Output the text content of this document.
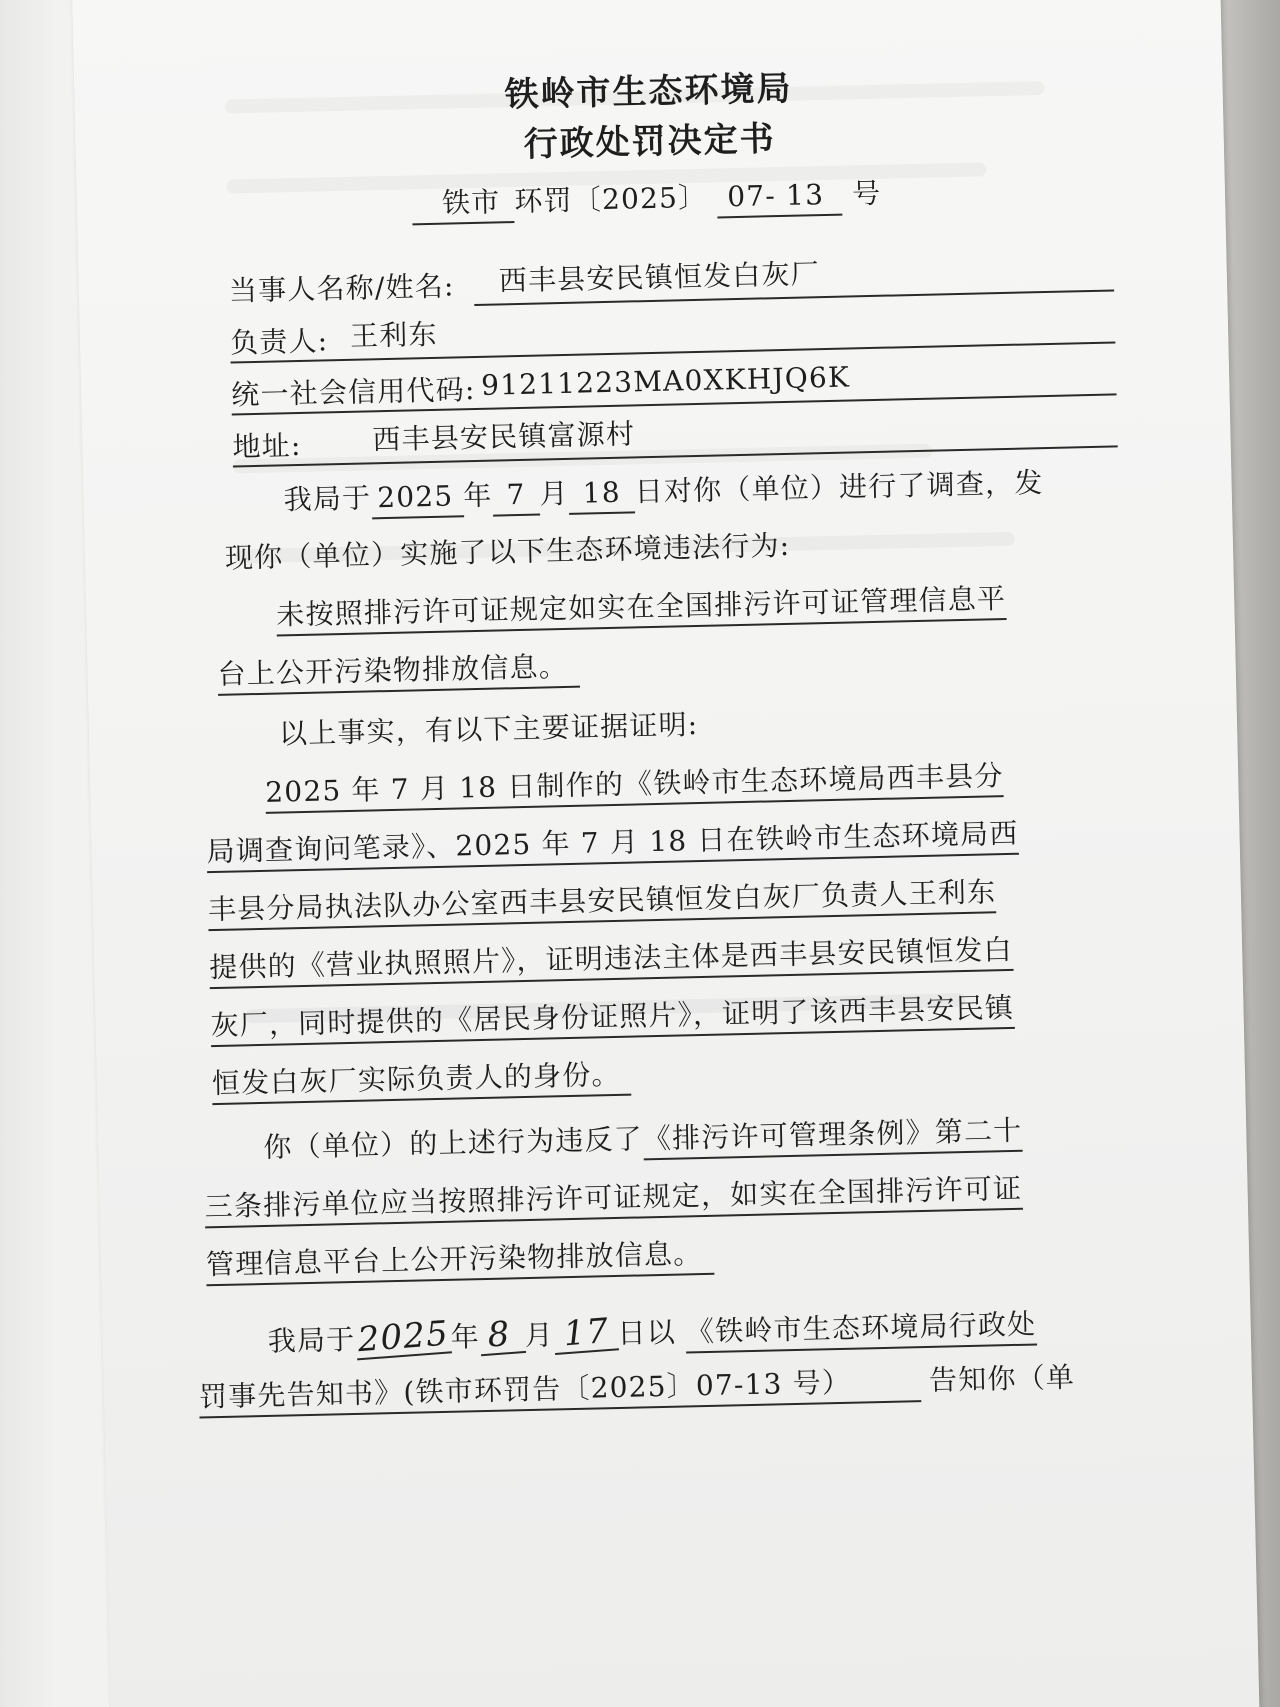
铁岭市生态环境局
行政处罚决定书
铁市 环罚〔2025〕 07- 13 号
当事人名称/姓名: 西丰县安民镇恒发白灰厂
负责人: 王利东
统一社会信用代码: 91211223MA0XKHJQ6K
地址:	西丰县安民镇富源村
我局于 2025 年 7 月 18 日对你（单位）进行了调查，发
现你（单位）实施了以下生态环境违法行为:
未按照排污许可证规定如实在全国排污许可证管理信息平
台上公开污染物排放信息。
以上事实，有以下主要证据证明:
2025 年 7 月 18 日制作的《铁岭市生态环境局西丰县分
局调查询问笔录》、2025 年 7 月 18 日在铁岭市生态环境局西
丰县分局执法队办公室西丰县安民镇恒发白灰厂负责人王利东
提供的《营业执照照片》，证明违法主体是西丰县安民镇恒发白
灰厂，同时提供的《居民身份证照片》，证明了该西丰县安民镇
恒发白灰厂实际负责人的身份。
你（单位）的上述行为违反了《排污许可管理条例》第二十
三条排污单位应当按照排污许可证规定，如实在全国排污许可证
管理信息平台上公开污染物排放信息。
我局于2025年 8 月 17 日以 《铁岭市生态环境局行政处
罚事先告知书》(铁市环罚告〔2025〕07-13 号）	告知你（单
